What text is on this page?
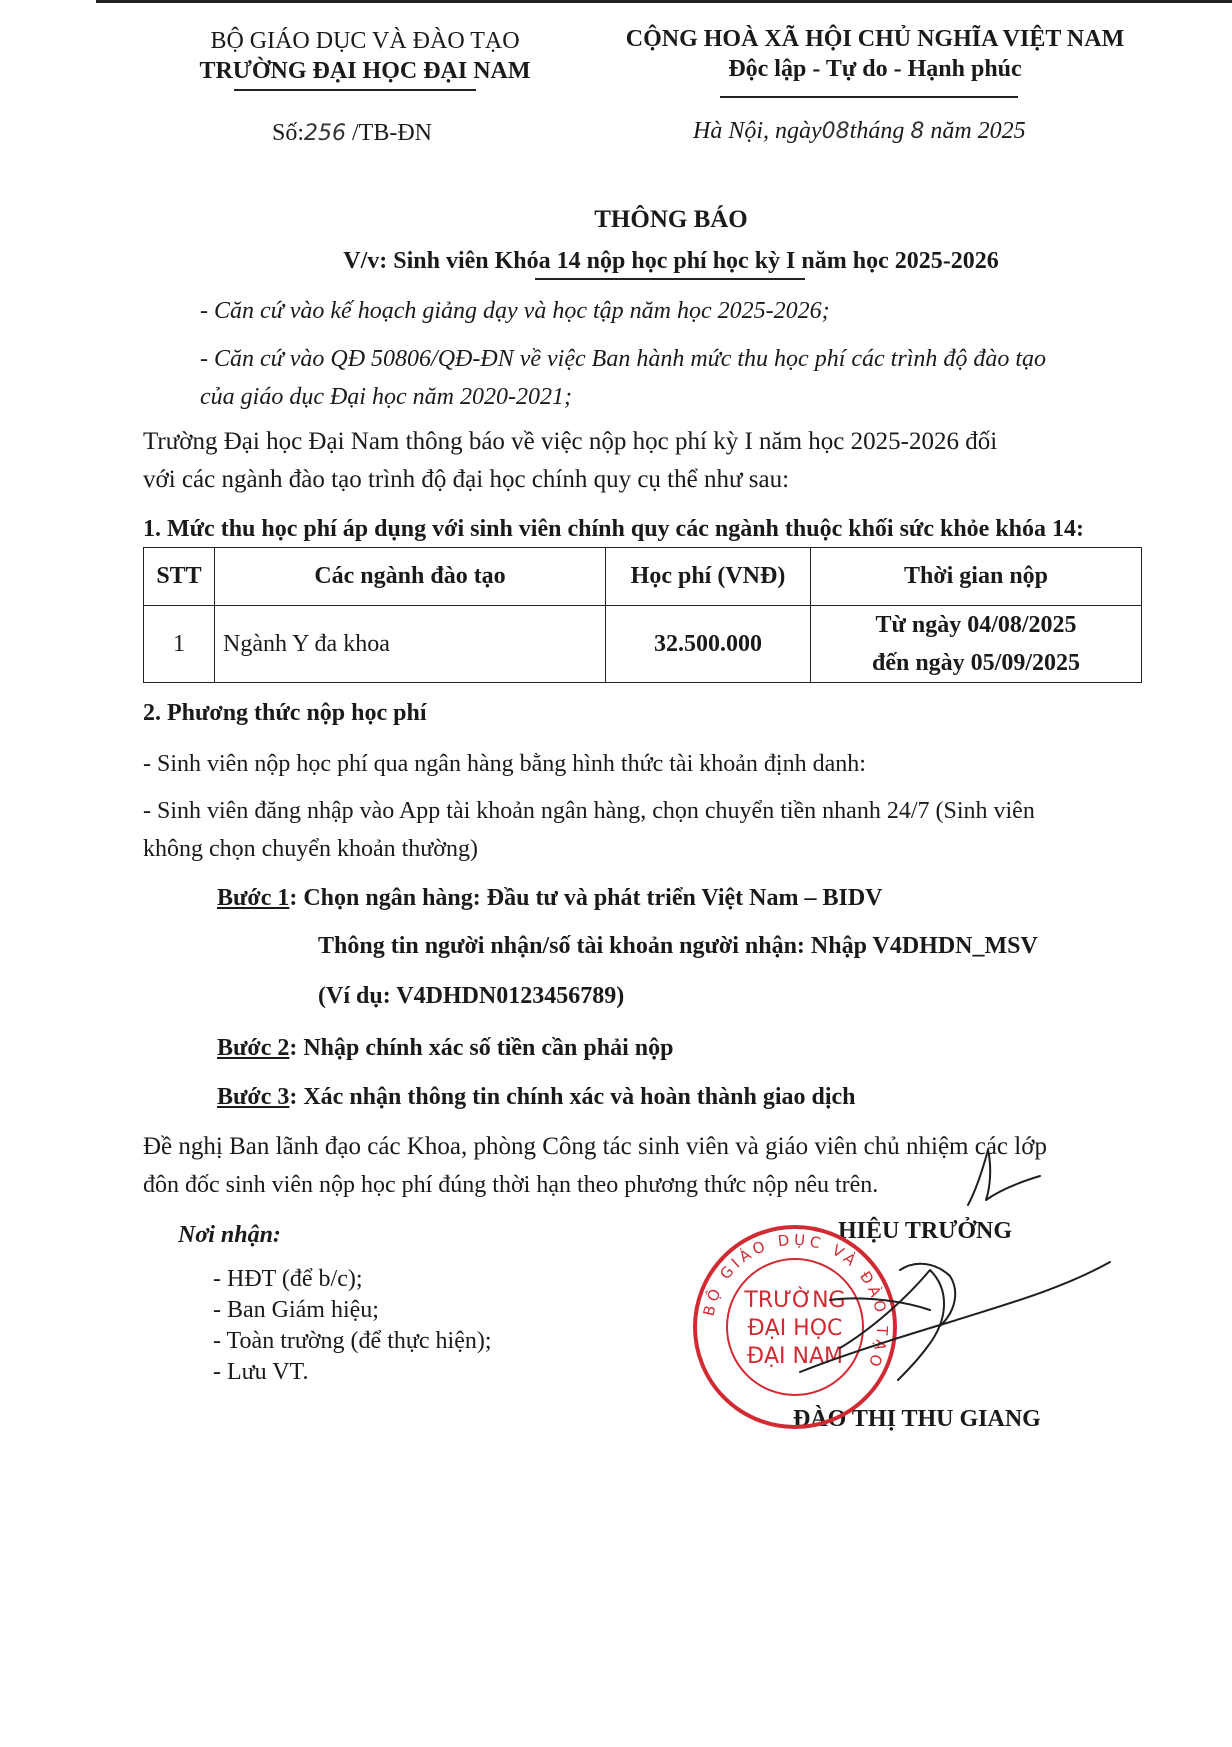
BỘ GIÁO DỤC VÀ ĐÀO TẠO
TRƯỜNG ĐẠI HỌC ĐẠI NAM
Số:256 /TB-ĐN
CỘNG HOÀ XÃ HỘI CHỦ NGHĨA VIỆT NAM
Độc lập - Tự do - Hạnh phúc
Hà Nội, ngày08tháng 8 năm 2025
THÔNG BÁO
V/v: Sinh viên Khóa 14 nộp học phí học kỳ I năm học 2025-2026
- Căn cứ vào kế hoạch giảng dạy và học tập năm học 2025-2026;
- Căn cứ vào QĐ 50806/QĐ-ĐN về việc Ban hành mức thu học phí các trình độ đào tạo
của giáo dục Đại học năm 2020-2021;
Trường Đại học Đại Nam thông báo về việc nộp học phí kỳ I năm học 2025-2026 đối
với các ngành đào tạo trình độ đại học chính quy cụ thể như sau:
1. Mức thu học phí áp dụng với sinh viên chính quy các ngành thuộc khối sức khỏe khóa 14:
STT	Các ngành đào tạo	Học phí (VNĐ)	Thời gian nộp
1	Ngành Y đa khoa	32.500.000	Từ ngày 04/08/2025
đến ngày 05/09/2025
2. Phương thức nộp học phí
- Sinh viên nộp học phí qua ngân hàng bằng hình thức tài khoản định danh:
- Sinh viên đăng nhập vào App tài khoản ngân hàng, chọn chuyển tiền nhanh 24/7 (Sinh viên
không chọn chuyển khoản thường)
Bước 1: Chọn ngân hàng: Đầu tư và phát triển Việt Nam – BIDV
Thông tin người nhận/số tài khoản người nhận: Nhập V4DHDN_MSV
(Ví dụ: V4DHDN0123456789)
Bước 2: Nhập chính xác số tiền cần phải nộp
Bước 3: Xác nhận thông tin chính xác và hoàn thành giao dịch
Đề nghị Ban lãnh đạo các Khoa, phòng Công tác sinh viên và giáo viên chủ nhiệm các lớp
đôn đốc sinh viên nộp học phí đúng thời hạn theo phương thức nộp nêu trên.
Nơi nhận:
- HĐT (để b/c);
- Ban Giám hiệu;
- Toàn trường (để thực hiện);
- Lưu VT.
HIỆU TRƯỞNG
ĐÀO THỊ THU GIANG
BỘ GIÁO DỤC VÀ ĐÀO TẠO
TRƯỜNG
ĐẠI HỌC
ĐẠI NAM
